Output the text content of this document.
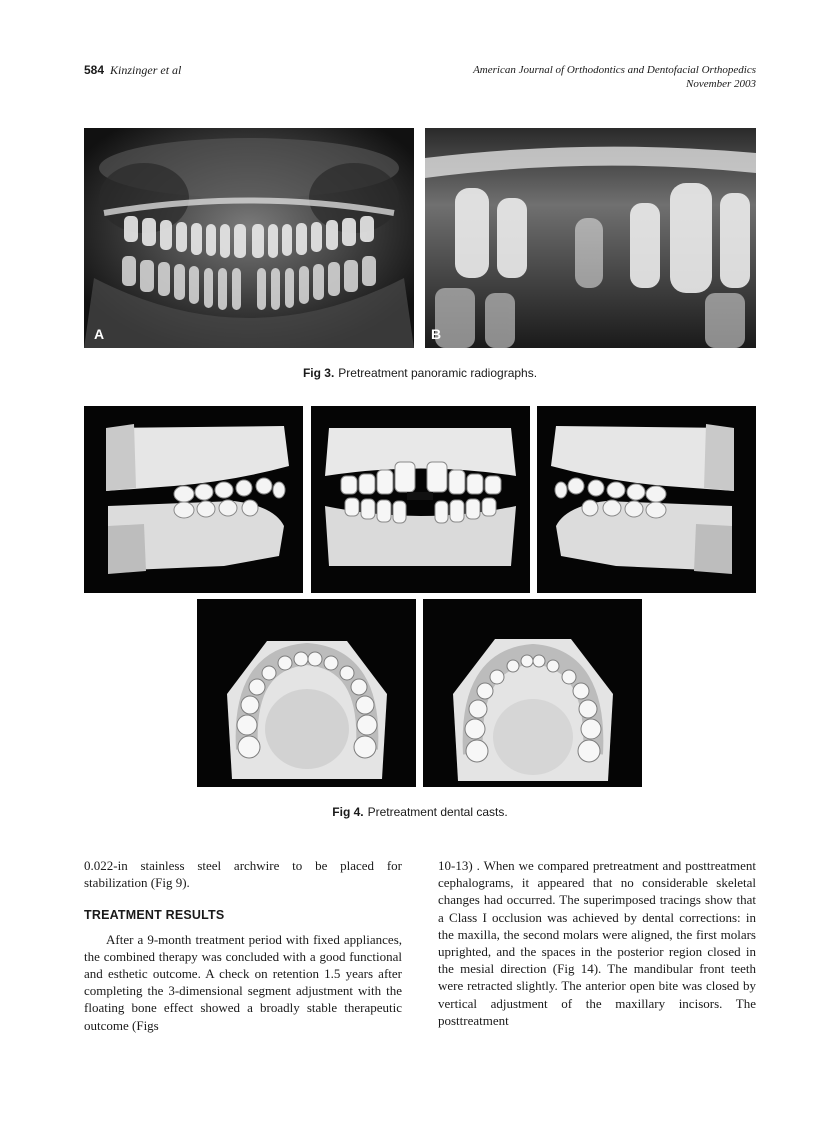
584 Kinzinger et al	American Journal of Orthodontics and Dentofacial Orthopedics
November 2003
A	B
Fig 3. Pretreatment panoramic radiographs.
Fig 4. Pretreatment dental casts.

0.022-in stainless steel archwire to be placed for stabilization (Fig 9).

TREATMENT RESULTS

After a 9-month treatment period with fixed appliances, the combined therapy was concluded with a good functional and esthetic outcome. A check on retention 1.5 years after completing the 3-dimensional segment adjustment with the floating bone effect showed a broadly stable therapeutic outcome (Figs

10-13) . When we compared pretreatment and posttreatment cephalograms, it appeared that no considerable skeletal changes had occurred. The superimposed tracings show that a Class I occlusion was achieved by dental corrections: in the maxilla, the second molars were aligned, the first molars uprighted, and the spaces in the posterior region closed in the mesial direction (Fig 14). The mandibular front teeth were retracted slightly. The anterior open bite was closed by vertical adjustment of the maxillary incisors. The posttreatment
